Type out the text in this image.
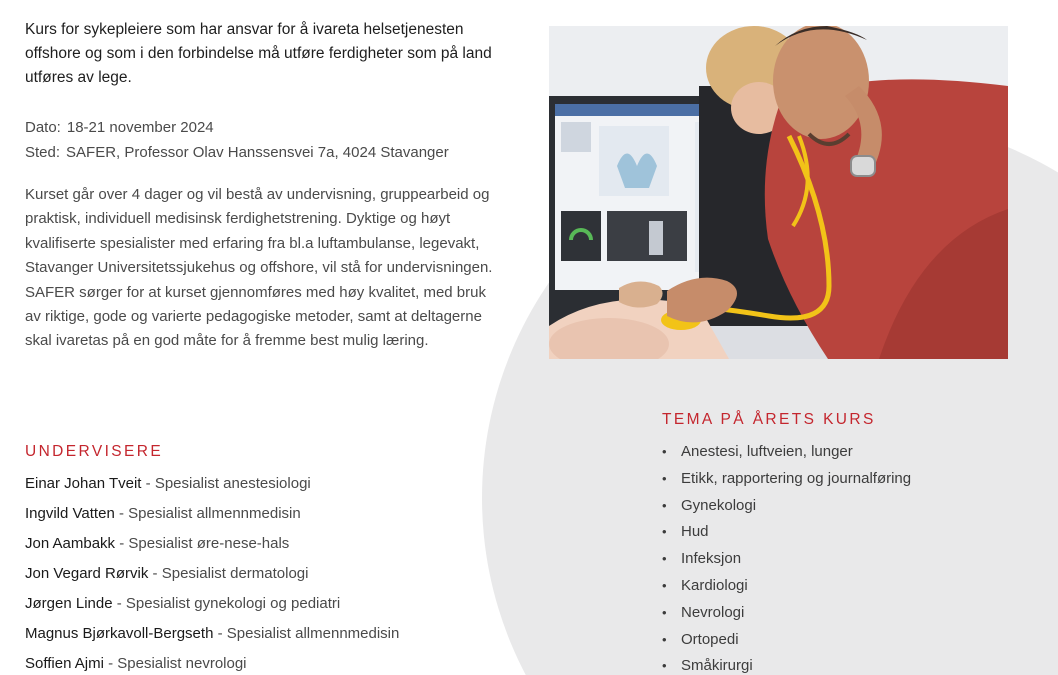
Kurs for sykepleiere som har ansvar for å ivareta helsetjenesten offshore og som i den forbindelse må utføre ferdigheter som på land utføres av lege.

Dato: 18-21 november 2024
Sted: SAFER, Professor Olav Hanssensvei 7a, 4024 Stavanger
Kurset går over 4 dager og vil bestå av undervisning, gruppearbeid og praktisk, individuell medisinsk ferdighetstrening. Dyktige og høyt kvalifiserte spesialister med erfaring fra bl.a luftambulanse, legevakt, Stavanger Universitetssjukehus og offshore, vil stå for undervisningen. SAFER sørger for at kurset gjennomføres med høy kvalitet, med bruk av riktige, gode og varierte pedagogiske metoder, samt at deltagerne skal ivaretas på en god måte for å fremme best mulig læring.
UNDERVISERE
Einar Johan Tveit - Spesialist anestesiologi
Ingvild Vatten - Spesialist allmennmedisin
Jon Aambakk - Spesialist øre-nese-hals
Jon Vegard Rørvik - Spesialist dermatologi
Jørgen Linde - Spesialist gynekologi og pediatri
Magnus Bjørkavoll-Bergseth - Spesialist allmennmedisin
Soffien Ajmi - Spesialist nevrologi
TEMA PÅ ÅRETS KURS
• Anestesi, luftveien, lunger
• Etikk, rapportering og journalføring
• Gynekologi
• Hud
• Infeksjon
• Kardiologi
• Nevrologi
• Ortopedi
• Småkirurgi
